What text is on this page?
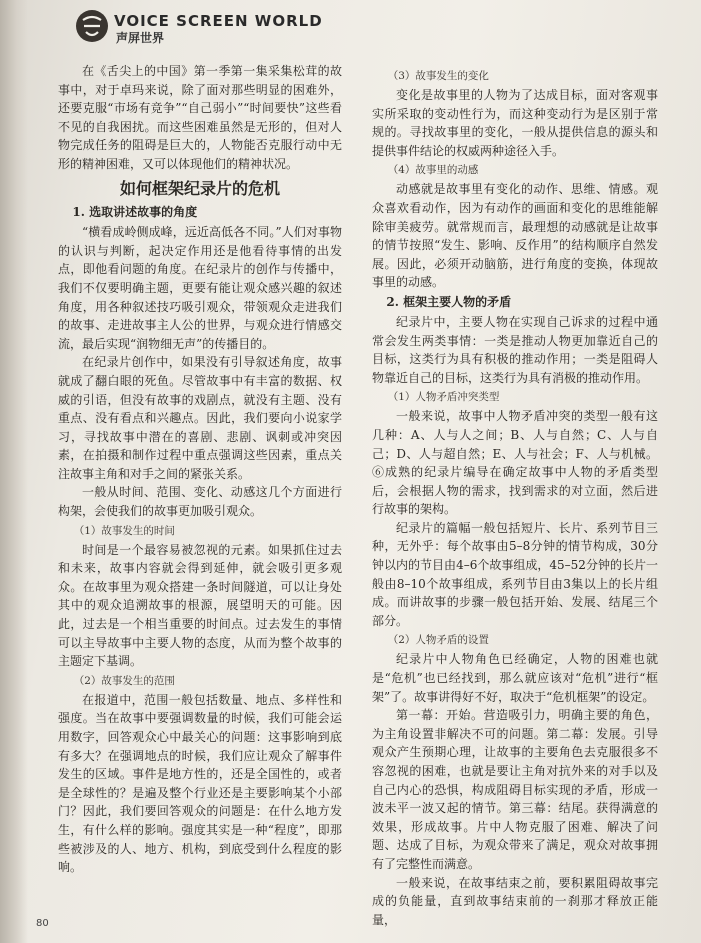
VOICE SCREEN WORLD
声屏世界

在《舌尖上的中国》第一季第一集采集松茸的故事中，对于卓玛来说，除了面对那些明显的困难外，还要克服“市场有竞争”“自己弱小”“时间要快”这些看不见的自我困扰。而这些困难虽然是无形的，但对人物完成任务的阻碍是巨大的，人物能否克服行动中无形的精神困难，又可以体现他们的精神状况。

如何框架纪录片的危机

1. 选取讲述故事的角度

“横看成岭侧成峰，远近高低各不同。”人们对事物的认识与判断，起决定作用还是他看待事情的出发点，即他看问题的角度。在纪录片的创作与传播中，我们不仅要明确主题，更要有能让观众感兴趣的叙述角度，用各种叙述技巧吸引观众，带领观众走进我们的故事、走进故事主人公的世界，与观众进行情感交流，最后实现“润物细无声”的传播目的。

在纪录片创作中，如果没有引导叙述角度，故事就成了翻白眼的死鱼。尽管故事中有丰富的数据、权威的引语，但没有故事的戏剧点，就没有主题、没有重点、没有看点和兴趣点。因此，我们要向小说家学习，寻找故事中潜在的喜剧、悲剧、讽刺或冲突因素，在拍摄和制作过程中重点强调这些因素，重点关注故事主角和对手之间的紧张关系。

一般从时间、范围、变化、动感这几个方面进行构架，会使我们的故事更加吸引观众。

（1）故事发生的时间

时间是一个最容易被忽视的元素。如果抓住过去和未来，故事内容就会得到延伸，就会吸引更多观众。在故事里为观众搭建一条时间隧道，可以让身处其中的观众追溯故事的根源，展望明天的可能。因此，过去是一个相当重要的时间点。过去发生的事情可以主导故事中主要人物的态度，从而为整个故事的主题定下基调。

（2）故事发生的范围

在报道中，范围一般包括数量、地点、多样性和强度。当在故事中要强调数量的时候，我们可能会运用数字，回答观众心中最关心的问题：这事影响到底有多大？在强调地点的时候，我们应让观众了解事件发生的区域。事件是地方性的，还是全国性的，或者是全球性的？是遍及整个行业还是主要影响某个小部门？因此，我们要回答观众的问题是：在什么地方发生，有什么样的影响。强度其实是一种“程度”，即那些被涉及的人、地方、机构，到底受到什么程度的影响。

（3）故事发生的变化

变化是故事里的人物为了达成目标，面对客观事实所采取的变动性行为，而这种变动行为是区别于常规的。寻找故事里的变化，一般从提供信息的源头和提供事件结论的权威两种途径入手。

（4）故事里的动感

动感就是故事里有变化的动作、思维、情感。观众喜欢看动作，因为有动作的画面和变化的思维能解除审美疲劳。就常规而言，最理想的动感就是让故事的情节按照“发生、影响、反作用”的结构顺序自然发展。因此，必须开动脑筋，进行角度的变换，体现故事里的动感。

2. 框架主要人物的矛盾

纪录片中，主要人物在实现自己诉求的过程中通常会发生两类事情：一类是推动人物更加靠近自己的目标，这类行为具有积极的推动作用；一类是阻碍人物靠近自己的目标，这类行为具有消极的推动作用。

（1）人物矛盾冲突类型

一般来说，故事中人物矛盾冲突的类型一般有这几种：A、人与人之间；B、人与自然；C、人与自己；D、人与超自然；E、人与社会；F、人与机械。⑥成熟的纪录片编导在确定故事中人物的矛盾类型后，会根据人物的需求，找到需求的对立面，然后进行故事的架构。

纪录片的篇幅一般包括短片、长片、系列节目三种，无外乎：每个故事由5–8分钟的情节构成，30分钟以内的节目由4–6个故事组成，45–52分钟的长片一般由8–10个故事组成，系列节目由3集以上的长片组成。而讲故事的步骤一般包括开始、发展、结尾三个部分。

（2）人物矛盾的设置

纪录片中人物角色已经确定，人物的困难也就是“危机”也已经找到，那么就应该对“危机”进行“框架”了。故事讲得好不好，取决于“危机框架”的设定。

第一幕：开始。营造吸引力，明确主要的角色，为主角设置非解决不可的问题。第二幕：发展。引导观众产生预期心理，让故事的主要角色去克服很多不容忽视的困难，也就是要让主角对抗外来的对手以及自己内心的恐惧，构成阻碍目标实现的矛盾，形成一波未平一波又起的情节。第三幕：结尾。获得满意的效果，形成故事。片中人物克服了困难、解决了问题、达成了目标，为观众带来了满足，观众对故事拥有了完整性而满意。

一般来说，在故事结束之前，要积累阻碍故事完成的负能量，直到故事结束前的一刹那才释放正能量，

80
